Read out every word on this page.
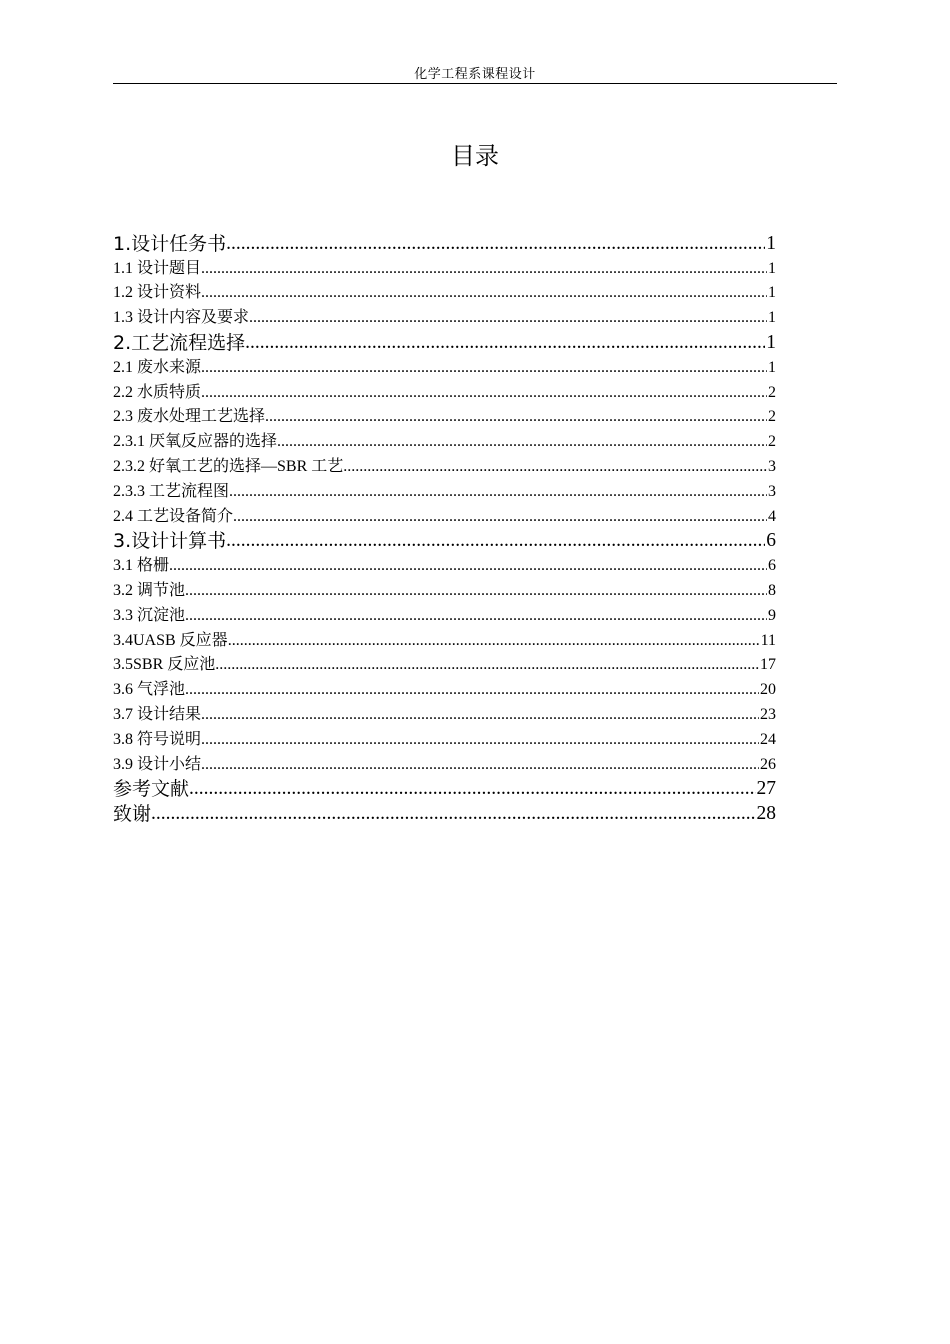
化学工程系课程设计
目录
1.设计任务书 .....	1
1.1 设计题目 .....	1
1.2 设计资料 .....	1
1.3 设计内容及要求 .....	1
2.工艺流程选择 .....	1
2.1 废水来源 .....	1
2.2 水质特质 .....	2
2.3 废水处理工艺选择 .....	2
2.3.1 厌氧反应器的选择 .....	2
2.3.2 好氧工艺的选择—SBR 工艺 .....	3
2.3.3 工艺流程图 .....	3
2.4 工艺设备简介 .....	4
3.设计计算书 .....	6
3.1 格栅 .....	6
3.2 调节池 .....	8
3.3 沉淀池 .....	9
3.4UASB 反应器 .....	11
3.5SBR 反应池 .....	17
3.6 气浮池 .....	20
3.7 设计结果 .....	23
3.8 符号说明 .....	24
3.9 设计小结 .....	26
参考文献 .....	27
致谢 .....	28
